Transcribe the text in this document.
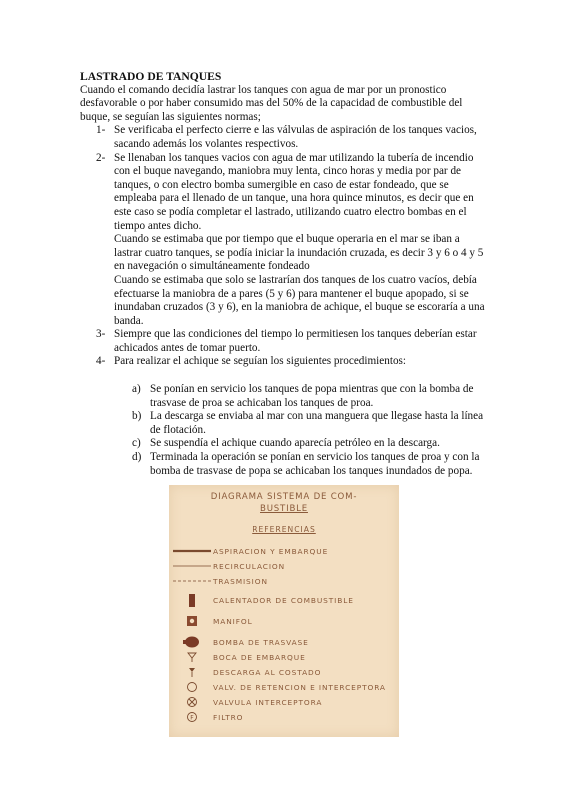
LASTRADO DE TANQUES

Cuando el comando decidía lastrar los tanques con agua de mar por un pronostico desfavorable o por haber consumido mas del 50% de la capacidad de combustible del buque, se seguían las siguientes normas;

1- Se verificaba el perfecto cierre e las válvulas de aspiración de los tanques vacios, sacando además los volantes respectivos.

2- Se llenaban los tanques vacios con agua de mar utilizando la tubería de incendio con el buque navegando, maniobra muy lenta, cinco horas y media por par de tanques, o con electro bomba sumergible en caso de estar fondeado, que se empleaba para el llenado de un tanque, una hora quince minutos, es decir que en este caso se podía completar el lastrado, utilizando cuatro electro bombas en el tiempo antes dicho.

Cuando se estimaba que por tiempo que el buque operaria en el mar se iban a lastrar cuatro tanques, se podía iniciar la inundación cruzada, es decir 3 y 6 o 4 y 5 en navegación o simultáneamente fondeado

Cuando se estimaba que solo se lastrarían dos tanques de los cuatro vacíos, debía efectuarse la maniobra de a pares (5 y 6) para mantener el buque apopado, si se inundaban cruzados (3 y 6), en la maniobra de achique, el buque se escoraría a una banda.

3- Siempre que las condiciones del tiempo lo permitiesen los tanques deberían estar achicados antes de tomar puerto.

4- Para realizar el achique se seguían los siguientes procedimientos:

a) Se ponían en servicio los tanques de popa mientras que con la bomba de trasvase de proa se achicaban los tanques de proa.
b) La descarga se enviaba al mar con una manguera que llegase hasta la línea de flotación.
c) Se suspendía el achique cuando aparecía petróleo en la descarga.
d) Terminada la operación se ponían en servicio los tanques de proa y con la bomba de trasvase de popa se achicaban los tanques inundados de popa.
DIAGRAMA SISTEMA DE COM-
BUSTIBLE
REFERENCIAS
ASPIRACION Y EMBARQUE
RECIRCULACION
TRASMISION
CALENTADOR DE COMBUSTIBLE
MANIFOL
BOMBA DE TRASVASE
BOCA DE EMBARQUE
DESCARGA AL COSTADO
VALV. DE RETENCION E INTERCEPTORA
VALVULA INTERCEPTORA
F	FILTRO
